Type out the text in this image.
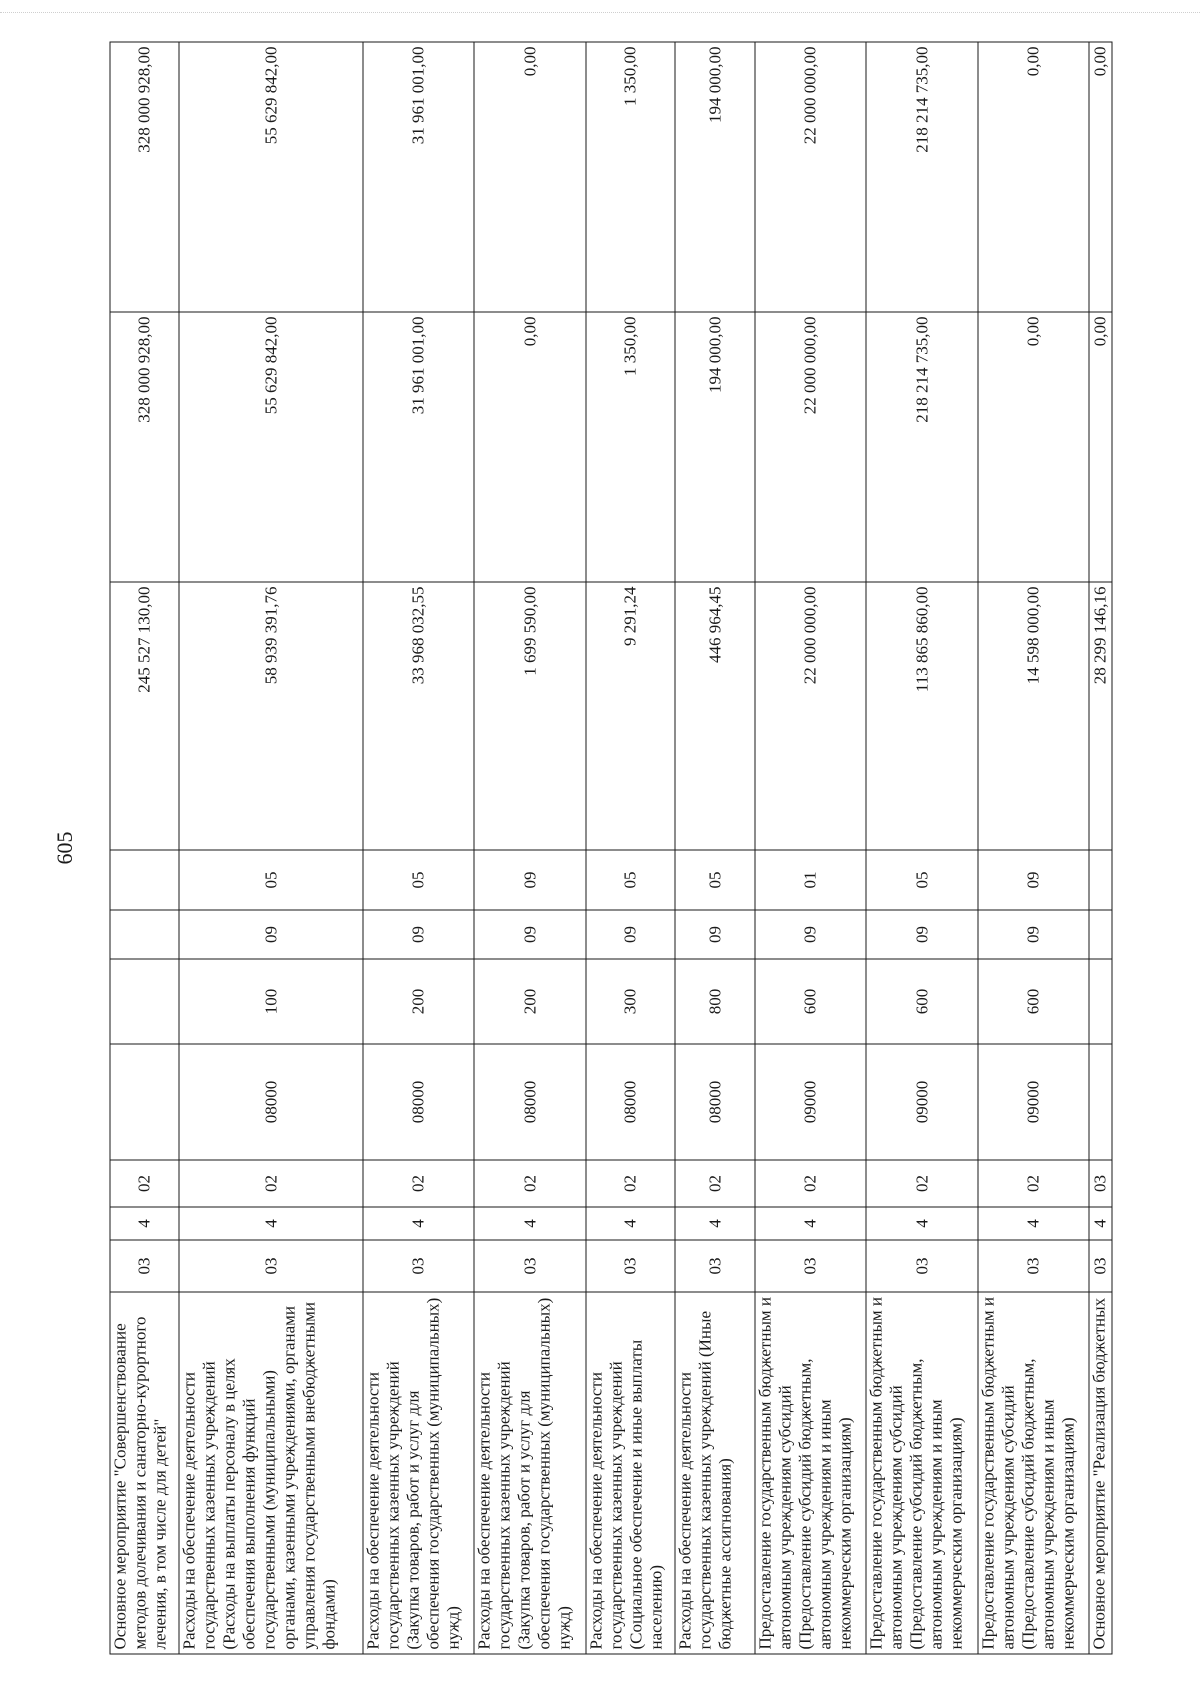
605
Основное мероприятие "Совершенствование методов долечивания и санаторно-курортного лечения, в том числе для детей"	03	4	02					245 527 130,00	328 000 928,00	328 000 928,00
Расходы на обеспечение деятельности государственных казенных учреждений (Расходы на выплаты персоналу в целях обеспечения выполнения функций государственными (муниципальными) органами, казенными учреждениями, органами управления государственными внебюджетными фондами)	03	4	02	08000	100	09	05	58 939 391,76	55 629 842,00	55 629 842,00
Расходы на обеспечение деятельности государственных казенных учреждений (Закупка товаров, работ и услуг для обеспечения государственных (муниципальных) нужд)	03	4	02	08000	200	09	05	33 968 032,55	31 961 001,00	31 961 001,00
Расходы на обеспечение деятельности государственных казенных учреждений (Закупка товаров, работ и услуг для обеспечения государственных (муниципальных) нужд)	03	4	02	08000	200	09	09	1 699 590,00	0,00	0,00
Расходы на обеспечение деятельности государственных казенных учреждений (Социальное обеспечение и иные выплаты населению)	03	4	02	08000	300	09	05	9 291,24	1 350,00	1 350,00
Расходы на обеспечение деятельности государственных казенных учреждений (Иные бюджетные ассигнования)	03	4	02	08000	800	09	05	446 964,45	194 000,00	194 000,00
Предоставление государственным бюджетным и автономным учреждениям субсидий (Предоставление субсидий бюджетным, автономным учреждениям и иным некоммерческим организациям)	03	4	02	09000	600	09	01	22 000 000,00	22 000 000,00	22 000 000,00
Предоставление государственным бюджетным и автономным учреждениям субсидий (Предоставление субсидий бюджетным, автономным учреждениям и иным некоммерческим организациям)	03	4	02	09000	600	09	05	113 865 860,00	218 214 735,00	218 214 735,00
Предоставление государственным бюджетным и автономным учреждениям субсидий (Предоставление субсидий бюджетным, автономным учреждениям и иным некоммерческим организациям)	03	4	02	09000	600	09	09	14 598 000,00	0,00	0,00
Основное мероприятие "Реализация бюджетных	03	4	03					28 299 146,16	0,00	0,00
